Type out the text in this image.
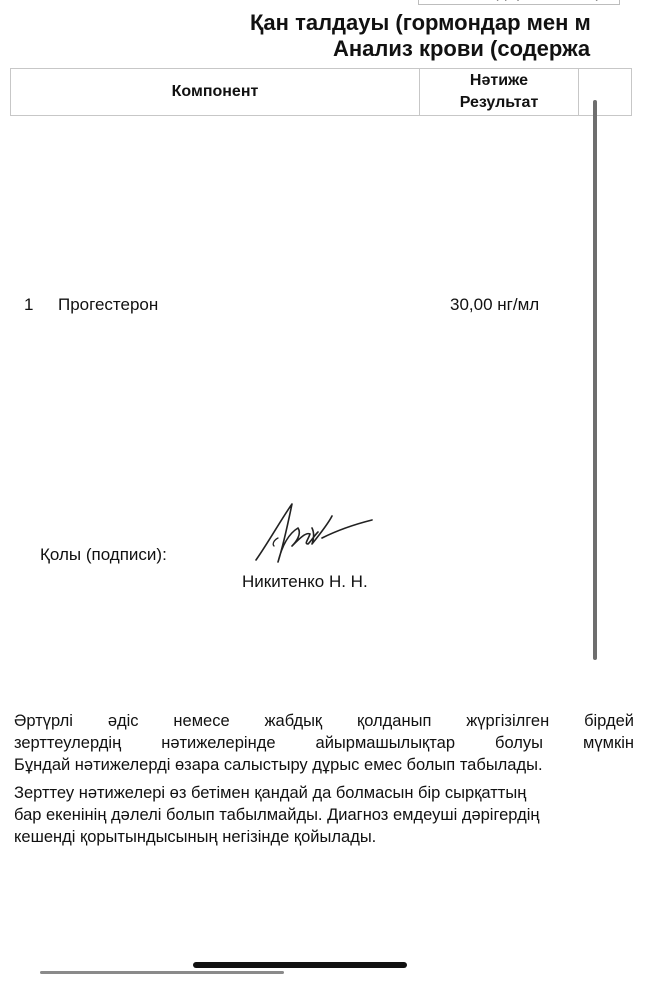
Қан талдауы (гормондар мен м
Анализ крови (содержа
Компонент
Нәтиже
Результат
1 Прогестерон	30,00 нг/мл
Қолы (подписи):
Никитенко Н. Н.
Әртүрлі әдіс немесе жабдық қолданып жүргізілген бірдей
зерттеулердің нәтижелерінде айырмашылықтар болуы мүмкін
Бұндай нәтижелерді өзара салыстыру дұрыс емес болып табылады.
Зерттеу нәтижелері өз бетімен қандай да болмасын бір сырқаттың
бар екенінің дәлелі болып табылмайды. Диагноз емдеуші дәрігердің
кешенді қорытындысының негізінде қойылады.
